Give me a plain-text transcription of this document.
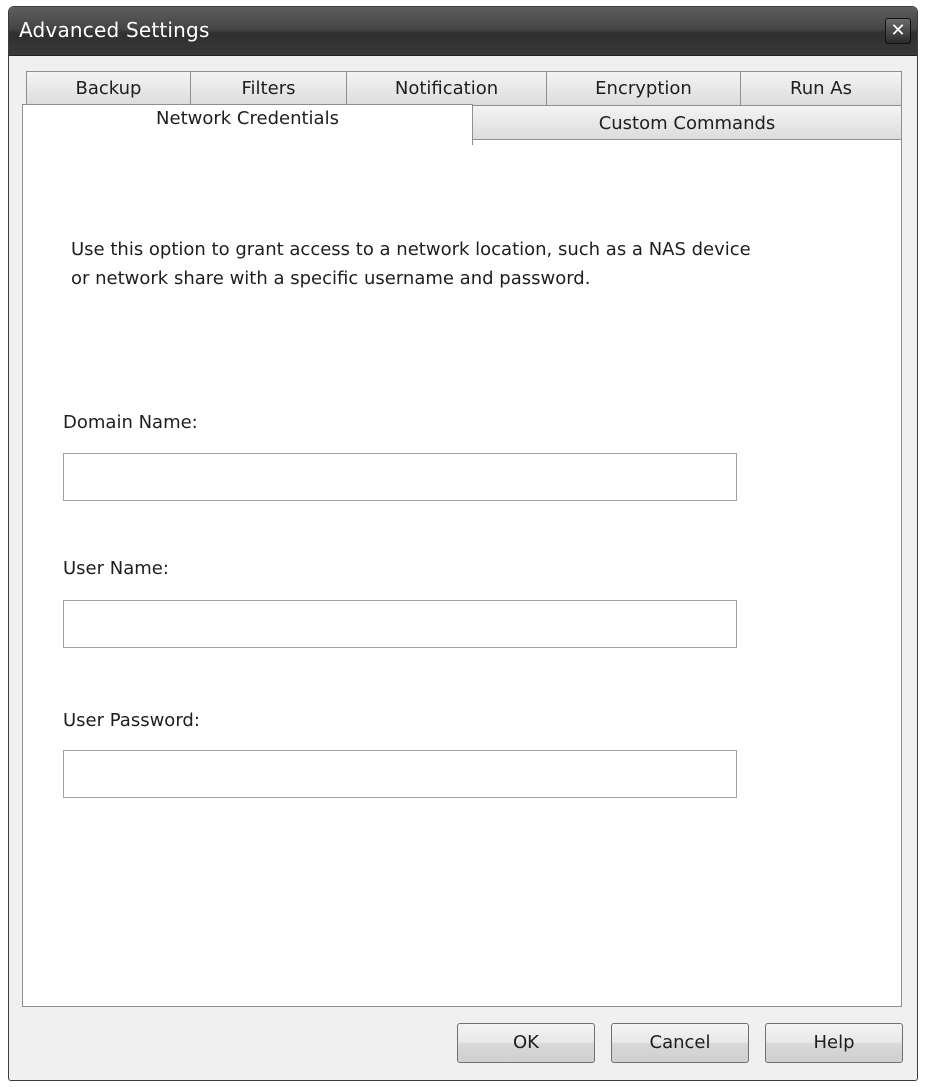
Advanced Settings	✕
Backup	Filters	Notification	Encryption	Run As
Network Credentials	Custom Commands
Use this option to grant access to a network location, such as a NAS device or network share with a specific username and password.
Domain Name:
User Name:
User Password:
OK	Cancel	Help
